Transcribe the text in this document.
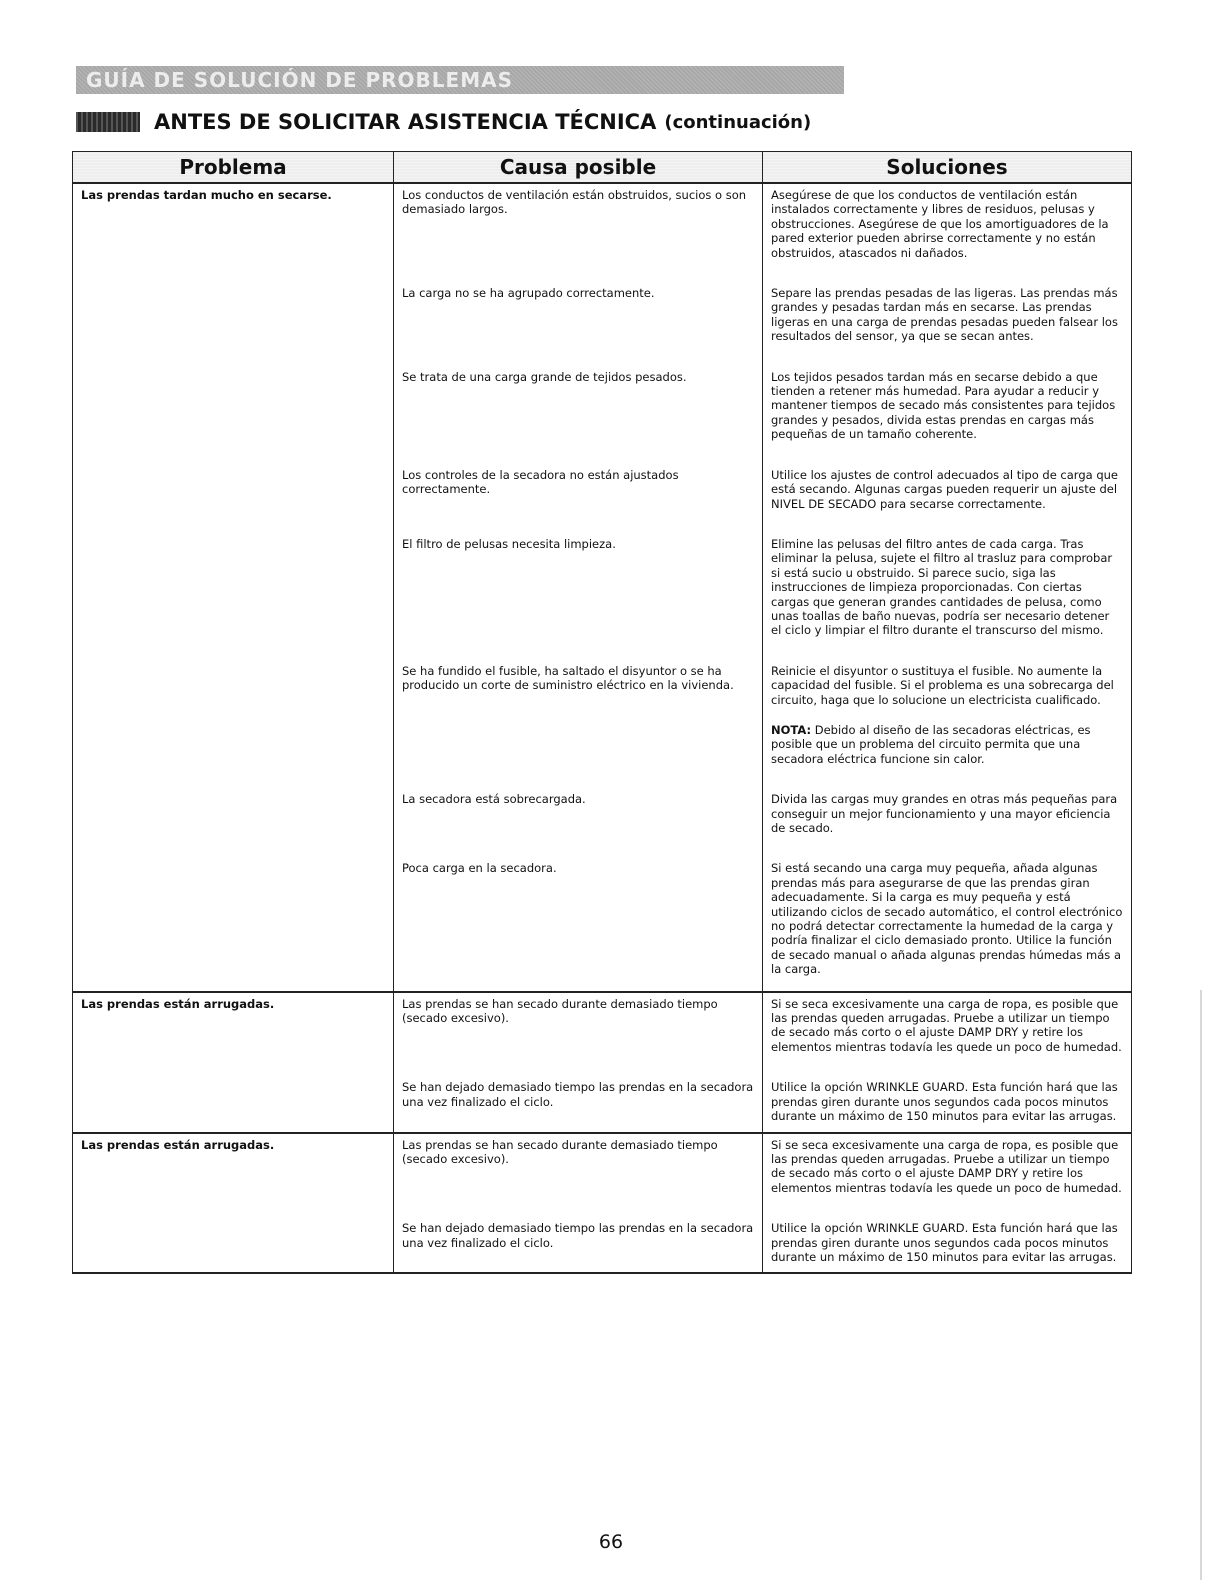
GUÍA DE SOLUCIÓN DE PROBLEMAS
ANTES DE SOLICITAR ASISTENCIA TÉCNICA (continuación)
Problema	Causa posible	Soluciones
Las prendas tardan mucho en secarse.	Los conductos de ventilación están obstruidos, sucios o son demasiado largos.	Asegúrese de que los conductos de ventilación están instalados correctamente y libres de residuos, pelusas y obstrucciones. Asegúrese de que los amortiguadores de la pared exterior pueden abrirse correctamente y no están obstruidos, atascados ni dañados.
	La carga no se ha agrupado correctamente.	Separe las prendas pesadas de las ligeras. Las prendas más grandes y pesadas tardan más en secarse. Las prendas ligeras en una carga de prendas pesadas pueden falsear los resultados del sensor, ya que se secan antes.
	Se trata de una carga grande de tejidos pesados.	Los tejidos pesados tardan más en secarse debido a que tienden a retener más humedad. Para ayudar a reducir y mantener tiempos de secado más consistentes para tejidos grandes y pesados, divida estas prendas en cargas más pequeñas de un tamaño coherente.
	Los controles de la secadora no están ajustados correctamente.	Utilice los ajustes de control adecuados al tipo de carga que está secando. Algunas cargas pueden requerir un ajuste del NIVEL DE SECADO para secarse correctamente.
	El filtro de pelusas necesita limpieza.	Elimine las pelusas del filtro antes de cada carga. Tras eliminar la pelusa, sujete el filtro al trasluz para comprobar si está sucio u obstruido. Si parece sucio, siga las instrucciones de limpieza proporcionadas. Con ciertas cargas que generan grandes cantidades de pelusa, como unas toallas de baño nuevas, podría ser necesario detener el ciclo y limpiar el filtro durante el transcurso del mismo.
	Se ha fundido el fusible, ha saltado el disyuntor o se ha producido un corte de suministro eléctrico en la vivienda.	Reinicie el disyuntor o sustituya el fusible. No aumente la capacidad del fusible. Si el problema es una sobrecarga del circuito, haga que lo solucione un electricista cualificado.
		NOTA: Debido al diseño de las secadoras eléctricas, es posible que un problema del circuito permita que una secadora eléctrica funcione sin calor.
	La secadora está sobrecargada.	Divida las cargas muy grandes en otras más pequeñas para conseguir un mejor funcionamiento y una mayor eficiencia de secado.
	Poca carga en la secadora.	Si está secando una carga muy pequeña, añada algunas prendas más para asegurarse de que las prendas giran adecuadamente. Si la carga es muy pequeña y está utilizando ciclos de secado automático, el control electrónico no podrá detectar correctamente la humedad de la carga y podría finalizar el ciclo demasiado pronto. Utilice la función de secado manual o añada algunas prendas húmedas más a la carga.
Las prendas están arrugadas.	Las prendas se han secado durante demasiado tiempo (secado excesivo).	Si se seca excesivamente una carga de ropa, es posible que las prendas queden arrugadas. Pruebe a utilizar un tiempo de secado más corto o el ajuste DAMP DRY y retire los elementos mientras todavía les quede un poco de humedad.
	Se han dejado demasiado tiempo las prendas en la secadora una vez finalizado el ciclo.	Utilice la opción WRINKLE GUARD. Esta función hará que las prendas giren durante unos segundos cada pocos minutos durante un máximo de 150 minutos para evitar las arrugas.
Las prendas están arrugadas.	Las prendas se han secado durante demasiado tiempo (secado excesivo).	Si se seca excesivamente una carga de ropa, es posible que las prendas queden arrugadas. Pruebe a utilizar un tiempo de secado más corto o el ajuste DAMP DRY y retire los elementos mientras todavía les quede un poco de humedad.
	Se han dejado demasiado tiempo las prendas en la secadora una vez finalizado el ciclo.	Utilice la opción WRINKLE GUARD. Esta función hará que las prendas giren durante unos segundos cada pocos minutos durante un máximo de 150 minutos para evitar las arrugas.
66
